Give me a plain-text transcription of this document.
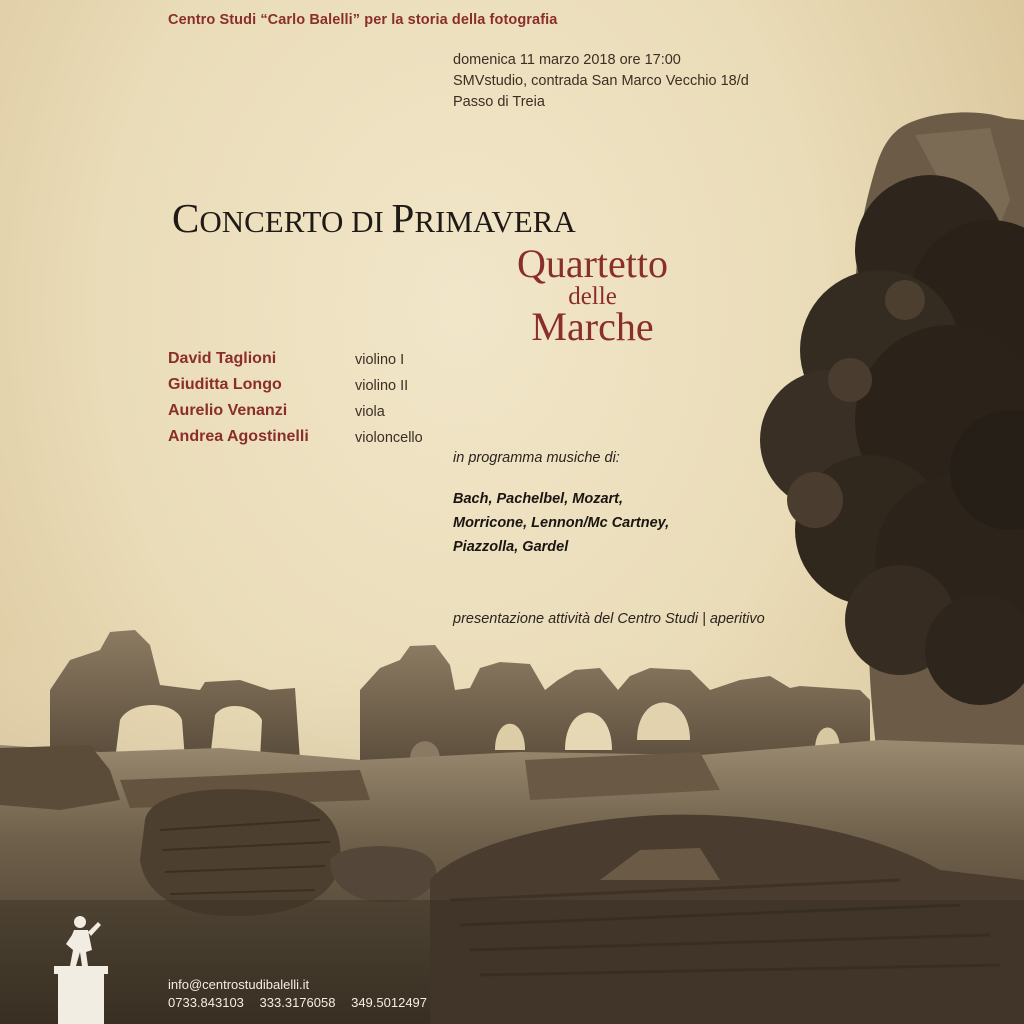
Centro Studi “Carlo Balelli” per la storia della fotografia
domenica 11 marzo 2018 ore 17:00
SMVstudio, contrada San Marco Vecchio 18/d
Passo di Treia
CONCERTO DI PRIMAVERA
Quartetto
delle
Marche
David Taglioni	violino I
Giuditta Longo	violino II
Aurelio Venanzi	viola
Andrea Agostinelli	violoncello
in programma musiche di:
Bach, Pachelbel, Mozart,
Morricone, Lennon/Mc Cartney,
Piazzolla, Gardel
presentazione attività del Centro Studi | aperitivo
info@centrostudibalelli.it
0733.843103 333.3176058 349.5012497
